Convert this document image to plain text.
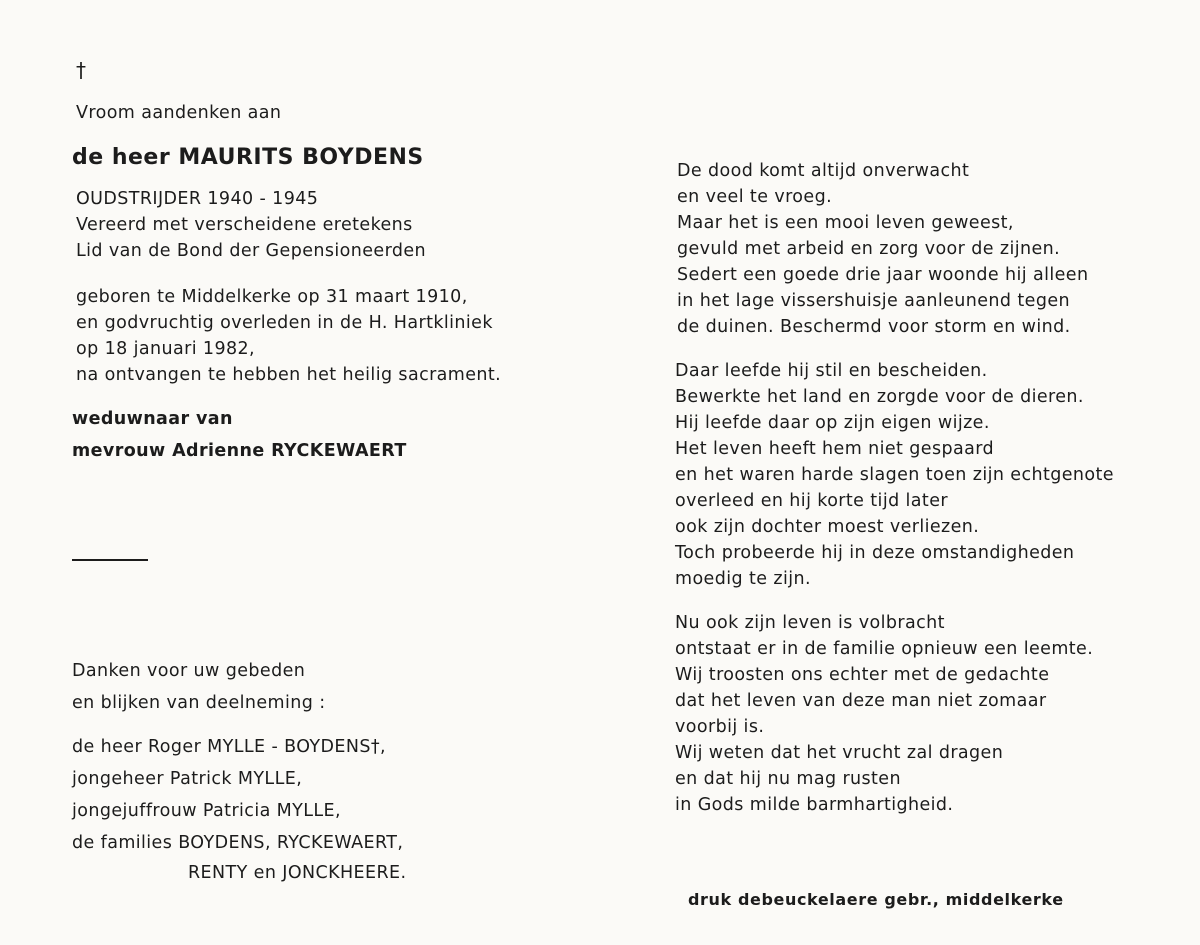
†
Vroom aandenken aan
de heer MAURITS BOYDENS
OUDSTRIJDER 1940 - 1945
Vereerd met verscheidene eretekens
Lid van de Bond der Gepensioneerden
geboren te Middelkerke op 31 maart 1910,
en godvruchtig overleden in de H. Hartkliniek
op 18 januari 1982,
na ontvangen te hebben het heilig sacrament.
weduwnaar van
mevrouw Adrienne RYCKEWAERT
Danken voor uw gebeden
en blijken van deelneming :
de heer Roger MYLLE - BOYDENS†,
jongeheer Patrick MYLLE,
jongejuffrouw Patricia MYLLE,
de families BOYDENS, RYCKEWAERT,
RENTY en JONCKHEERE.
De dood komt altijd onverwacht
en veel te vroeg.
Maar het is een mooi leven geweest,
gevuld met arbeid en zorg voor de zijnen.
Sedert een goede drie jaar woonde hij alleen
in het lage vissershuisje aanleunend tegen
de duinen. Beschermd voor storm en wind.
Daar leefde hij stil en bescheiden.
Bewerkte het land en zorgde voor de dieren.
Hij leefde daar op zijn eigen wijze.
Het leven heeft hem niet gespaard
en het waren harde slagen toen zijn echtgenote
overleed en hij korte tijd later
ook zijn dochter moest verliezen.
Toch probeerde hij in deze omstandigheden
moedig te zijn.
Nu ook zijn leven is volbracht
ontstaat er in de familie opnieuw een leemte.
Wij troosten ons echter met de gedachte
dat het leven van deze man niet zomaar
voorbij is.
Wij weten dat het vrucht zal dragen
en dat hij nu mag rusten
in Gods milde barmhartigheid.
druk debeuckelaere gebr., middelkerke
